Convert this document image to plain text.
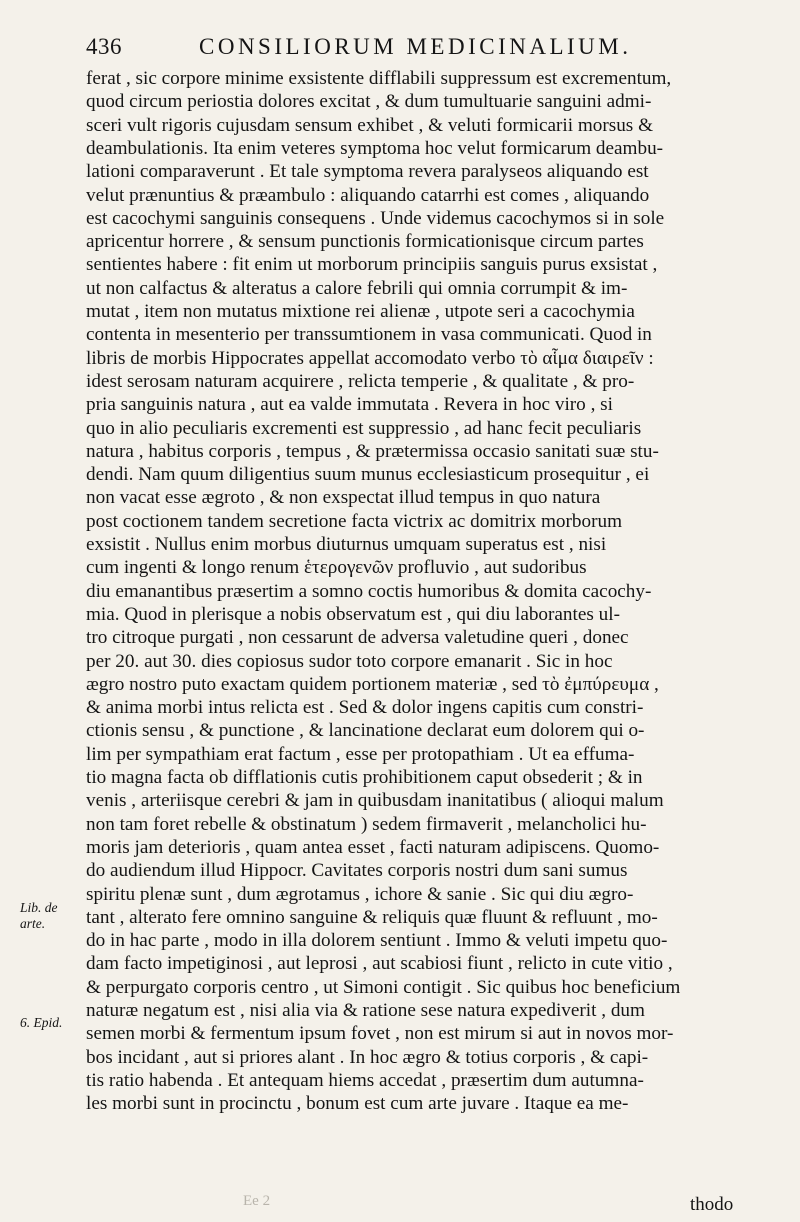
436	CONSILIORUM MEDICINALIUM.
ferat , sic corpore minime exsistente difflabili suppressum est excrementum,
quod circum periostia dolores excitat , & dum tumultuarie sanguini admi-
sceri vult rigoris cujusdam sensum exhibet , & veluti formicarii morsus &
deambulationis. Ita enim veteres symptoma hoc velut formicarum deambu-
lationi comparaverunt . Et tale symptoma revera paralyseos aliquando est
velut prænuntius & præambulo : aliquando catarrhi est comes , aliquando
est cacochymi sanguinis consequens . Unde videmus cacochymos si in sole
apricentur horrere , & sensum punctionis formicationisque circum partes
sentientes habere : fit enim ut morborum principiis sanguis purus exsistat ,
ut non calfactus & alteratus a calore febrili qui omnia corrumpit & im-
mutat , item non mutatus mixtione rei alienæ , utpote seri a cacochymia
contenta in mesenterio per transsumtionem in vasa communicati. Quod in
libris de morbis Hippocrates appellat accomodato verbo τὸ αἷμα διαιρεῖν :
idest serosam naturam acquirere , relicta temperie , & qualitate , & pro-
pria sanguinis natura , aut ea valde immutata . Revera in hoc viro , si
quo in alio peculiaris excrementi est suppressio , ad hanc fecit peculiaris
natura , habitus corporis , tempus , & prætermissa occasio sanitati suæ stu-
dendi. Nam quum diligentius suum munus ecclesiasticum prosequitur , ei
non vacat esse ægroto , & non exspectat illud tempus in quo natura
post coctionem tandem secretione facta victrix ac domitrix morborum
exsistit . Nullus enim morbus diuturnus umquam superatus est , nisi
cum ingenti & longo renum ἑτερογενῶν profluvio , aut sudoribus
diu emanantibus præsertim a somno coctis humoribus & domita cacochy-
mia. Quod in plerisque a nobis observatum est , qui diu laborantes ul-
tro citroque purgati , non cessarunt de adversa valetudine queri , donec
per 20. aut 30. dies copiosus sudor toto corpore emanarit . Sic in hoc
ægro nostro puto exactam quidem portionem materiæ , sed τὸ ἐμπύρευμα ,
& anima morbi intus relicta est . Sed & dolor ingens capitis cum constri-
ctionis sensu , & punctione , & lancinatione declarat eum dolorem qui o-
lim per sympathiam erat factum , esse per protopathiam . Ut ea effuma-
tio magna facta ob difflationis cutis prohibitionem caput obsederit ; & in
venis , arteriisque cerebri & jam in quibusdam inanitatibus ( alioqui malum
non tam foret rebelle & obstinatum ) sedem firmaverit , melancholici hu-
moris jam deterioris , quam antea esset , facti naturam adipiscens. Quomo-
do audiendum illud Hippocr. Cavitates corporis nostri dum sani sumus
spiritu plenæ sunt , dum ægrotamus , ichore & sanie . Sic qui diu ægro-
tant , alterato fere omnino sanguine & reliquis quæ fluunt & refluunt , mo-
do in hac parte , modo in illa dolorem sentiunt . Immo & veluti impetu quo-
dam facto impetiginosi , aut leprosi , aut scabiosi fiunt , relicto in cute vitio ,
& perpurgato corporis centro , ut Simoni contigit . Sic quibus hoc beneficium
naturæ negatum est , nisi alia via & ratione sese natura expediverit , dum
semen morbi & fermentum ipsum fovet , non est mirum si aut in novos mor-
bos incidant , aut si priores alant . In hoc ægro & totius corporis , & capi-
tis ratio habenda . Et antequam hiems accedat , præsertim dum autumna-
les morbi sunt in procinctu , bonum est cum arte juvare . Itaque ea me-
Lib. de
arte.
6. Epid.
Ee 2	thodo
